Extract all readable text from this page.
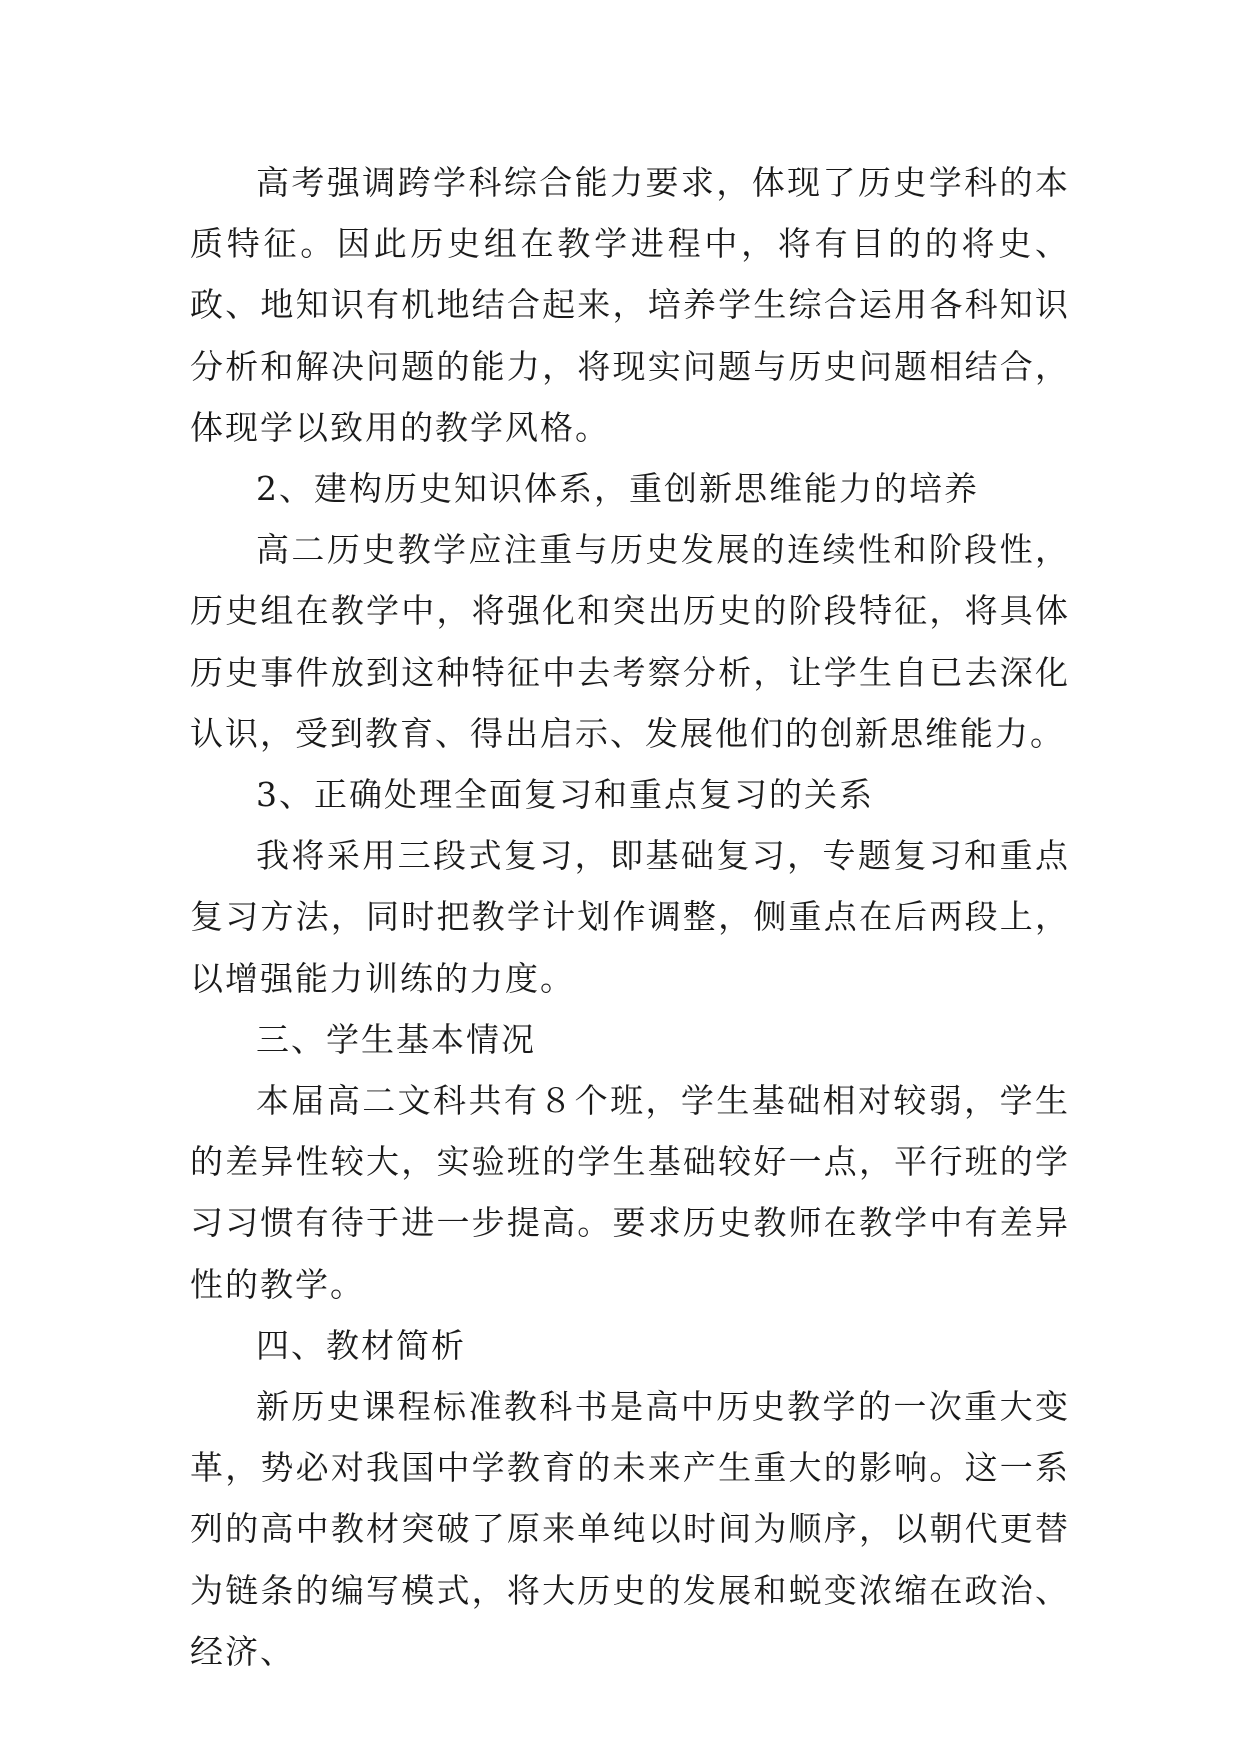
高考强调跨学科综合能力要求，体现了历史学科的本质特征。因此历史组在教学进程中，将有目的的将史、政、地知识有机地结合起来，培养学生综合运用各科知识分析和解决问题的能力，将现实问题与历史问题相结合，体现学以致用的教学风格。

2、建构历史知识体系，重创新思维能力的培养

高二历史教学应注重与历史发展的连续性和阶段性，历史组在教学中，将强化和突出历史的阶段特征，将具体历史事件放到这种特征中去考察分析，让学生自已去深化认识，受到教育、得出启示、发展他们的创新思维能力。

3、正确处理全面复习和重点复习的关系

我将采用三段式复习，即基础复习，专题复习和重点复习方法，同时把教学计划作调整，侧重点在后两段上，以增强能力训练的力度。

三、学生基本情况

本届高二文科共有８个班，学生基础相对较弱，学生的差异性较大，实验班的学生基础较好一点，平行班的学习习惯有待于进一步提高。要求历史教师在教学中有差异性的教学。

四、教材简析

新历史课程标准教科书是高中历史教学的一次重大变革，势必对我国中学教育的未来产生重大的影响。这一系列的高中教材突破了原来单纯以时间为顺序，以朝代更替为链条的编写模式，将大历史的发展和蜕变浓缩在政治、经济、
